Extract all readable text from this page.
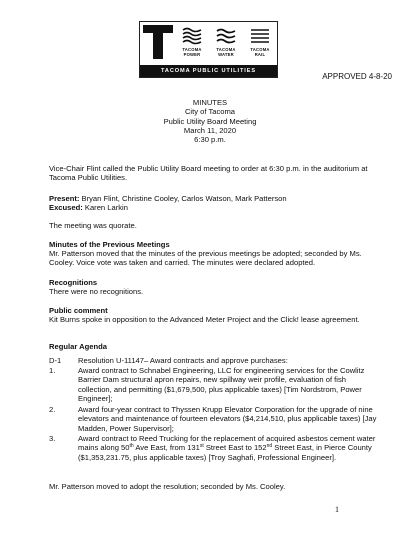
TACOMA POWER
TACOMA WATER
TACOMA RAIL
TACOMA PUBLIC UTILITIES
APPROVED 4-8-20
MINUTES
City of Tacoma
Public Utility Board Meeting
March 11, 2020
6:30 p.m.
Vice-Chair Flint called the Public Utility Board meeting to order at 6:30 p.m. in the auditorium at Tacoma Public Utilities.
Present: Bryan Flint, Christine Cooley, Carlos Watson, Mark Patterson
Excused: Karen Larkin
The meeting was quorate.
Minutes of the Previous Meetings
Mr. Patterson moved that the minutes of the previous meetings be adopted; seconded by Ms. Cooley. Voice vote was taken and carried. The minutes were declared adopted.
Recognitions
There were no recognitions.
Public comment
Kit Burns spoke in opposition to the Advanced Meter Project and the Click! lease agreement.
Regular Agenda
D-1 Resolution U-11147– Award contracts and approve purchases:
1.	Award contract to Schnabel Engineering, LLC for engineering services for the Cowlitz Barrier Dam structural apron repairs, new spillway weir profile, evaluation of fish collection, and permitting ($1,679,500, plus applicable taxes) [Tim Nordstrom, Power Engineer];
2.	Award four-year contract to Thyssen Krupp Elevator Corporation for the upgrade of nine elevators and maintenance of fourteen elevators ($4,214,510, plus applicable taxes) [Jay Madden, Power Supervisor];
3.	Award contract to Reed Trucking for the replacement of acquired asbestos cement water mains along 50th Ave East, from 131st Street East to 152nd Street East, in Pierce County ($1,353,231.75, plus applicable taxes) [Troy Saghafi, Professional Engineer].
Mr. Patterson moved to adopt the resolution; seconded by Ms. Cooley.
1
